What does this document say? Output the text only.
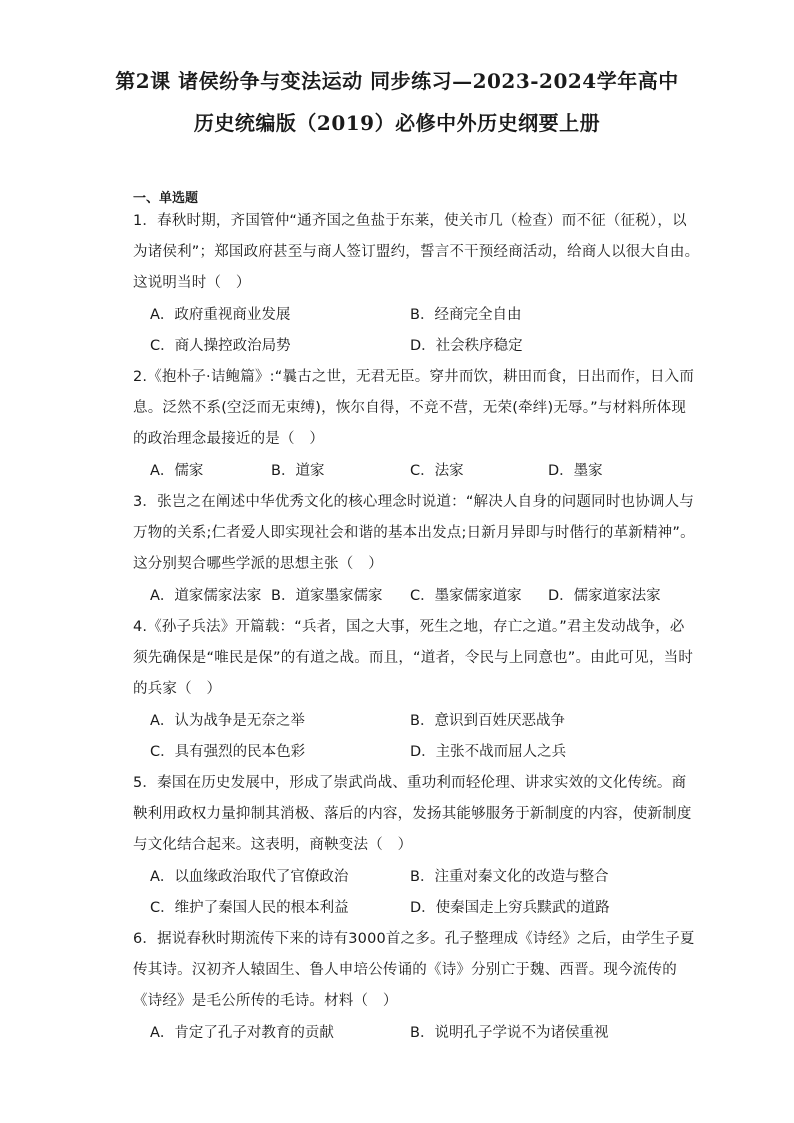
第2课 诸侯纷争与变法运动 同步练习—2023-2024学年高中
历史统编版（2019）必修中外历史纲要上册
一、单选题
1．春秋时期，齐国管仲“通齐国之鱼盐于东莱，使关市几（检查）而不征（征税），以
为诸侯利”；郑国政府甚至与商人签订盟约，誓言不干预经商活动，给商人以很大自由。
这说明当时（　）
A．政府重视商业发展	B．经商完全自由
C．商人操控政治局势	D．社会秩序稳定
2.《抱朴子·诘鲍篇》:“曩古之世，无君无臣。穿井而饮，耕田而食，日出而作，日入而
息。泛然不系(空泛而无束缚)，恢尔自得，不竞不营，无荣(牵绊)无辱。”与材料所体现
的政治理念最接近的是（　）
A．儒家	B．道家	C．法家	D．墨家
3．张岂之在阐述中华优秀文化的核心理念时说道：“解决人自身的问题同时也协调人与
万物的关系;仁者爱人即实现社会和谐的基本出发点;日新月异即与时偕行的革新精神”。
这分别契合哪些学派的思想主张（　）
A．道家儒家法家 B．道家墨家儒家 C．墨家儒家道家 D．儒家道家法家
4.《孙子兵法》开篇载：“兵者，国之大事，死生之地，存亡之道。”君主发动战争，必
须先确保是“唯民是保”的有道之战。而且，“道者，令民与上同意也”。由此可见，当时
的兵家（　）
A．认为战争是无奈之举	B．意识到百姓厌恶战争
C．具有强烈的民本色彩	D．主张不战而屈人之兵
5．秦国在历史发展中，形成了崇武尚战、重功利而轻伦理、讲求实效的文化传统。商
鞅利用政权力量抑制其消极、落后的内容，发扬其能够服务于新制度的内容，使新制度
与文化结合起来。这表明，商鞅变法（　）
A．以血缘政治取代了官僚政治	B．注重对秦文化的改造与整合
C．维护了秦国人民的根本利益	D．使秦国走上穷兵黩武的道路
6．据说春秋时期流传下来的诗有3000首之多。孔子整理成《诗经》之后，由学生子夏
传其诗。汉初齐人辕固生、鲁人申培公传诵的《诗》分别亡于魏、西晋。现今流传的
《诗经》是毛公所传的毛诗。材料（　）
A．肯定了孔子对教育的贡献	B．说明孔子学说不为诸侯重视
